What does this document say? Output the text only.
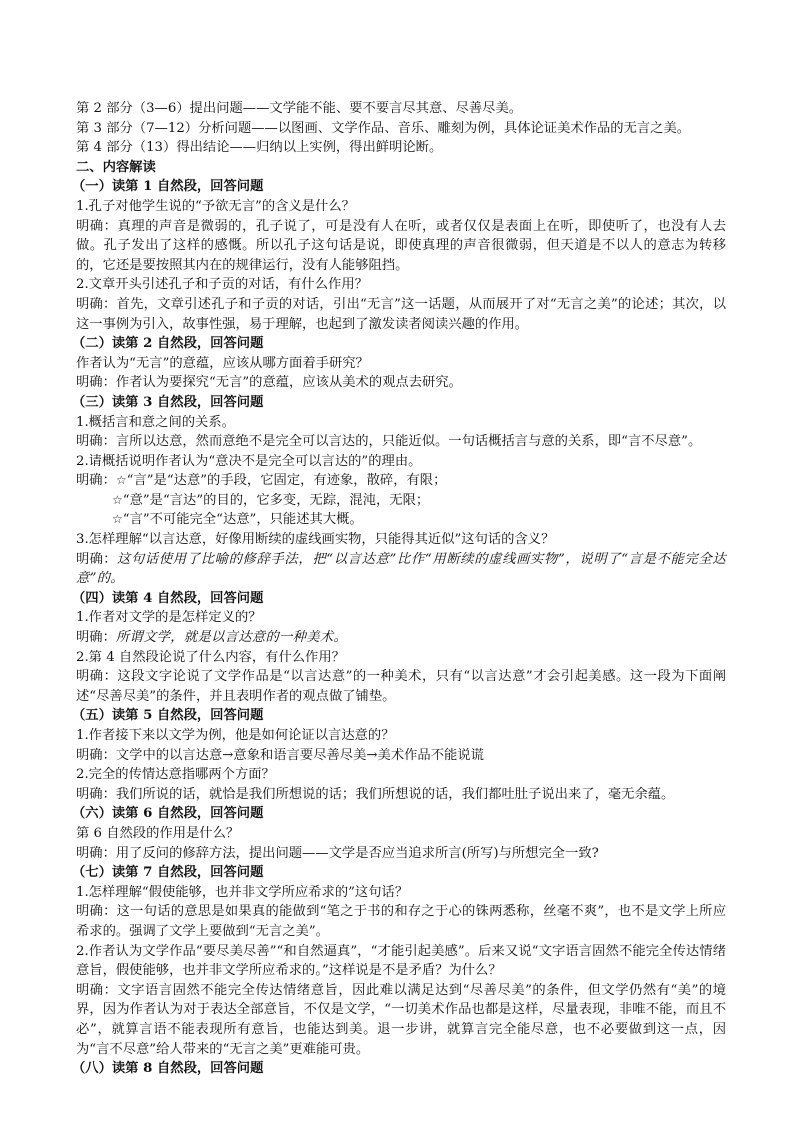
第 2 部分（3—6）提出问题——文学能不能、要不要言尽其意、尽善尽美。

第 3 部分（7—12）分析问题——以图画、文学作品、音乐、雕刻为例，具体论证美术作品的无言之美。

第 4 部分（13）得出结论——归纳以上实例，得出鲜明论断。

二、内容解读

（一）读第 1 自然段，回答问题

1.孔子对他学生说的“予欲无言”的含义是什么？

明确：真理的声音是微弱的，孔子说了，可是没有人在听，或者仅仅是表面上在听，即使听了，也没有人去做。孔子发出了这样的感慨。所以孔子这句话是说，即使真理的声音很微弱，但天道是不以人的意志为转移的，它还是要按照其内在的规律运行，没有人能够阻挡。

2.文章开头引述孔子和子贡的对话，有什么作用？

明确：首先，文章引述孔子和子贡的对话，引出“无言”这一话题，从而展开了对“无言之美”的论述；其次，以这一事例为引入，故事性强，易于理解，也起到了激发读者阅读兴趣的作用。

（二）读第 2 自然段，回答问题

作者认为“无言”的意蕴，应该从哪方面着手研究？

明确：作者认为要探究“无言”的意蕴，应该从美术的观点去研究。

（三）读第 3 自然段，回答问题

1.概括言和意之间的关系。

明确：言所以达意，然而意绝不是完全可以言达的，只能近似。一句话概括言与意的关系，即“言不尽意”。

2.请概括说明作者认为“意决不是完全可以言达的”的理由。

明确：☆“言”是“达意”的手段，它固定，有迹象，散碎，有限；

☆“意”是“言达”的目的，它多变，无踪，混沌，无限；

☆“言”不可能完全“达意”，只能述其大概。

3.怎样理解“以言达意，好像用断续的虚线画实物，只能得其近似”这句话的含义？

明确：这句话使用了比喻的修辞手法，把“以言达意”比作“用断续的虚线画实物”，说明了“言是不能完全达意”的。

（四）读第 4 自然段，回答问题

1.作者对文学的是怎样定义的？

明确：所谓文学，就是以言达意的一种美术。

2.第 4 自然段论说了什么内容，有什么作用？

明确：这段文字论说了文学作品是“以言达意”的一种美术，只有“以言达意”才会引起美感。这一段为下面阐述“尽善尽美”的条件，并且表明作者的观点做了铺垫。

（五）读第 5 自然段，回答问题

1.作者接下来以文学为例，他是如何论证以言达意的？

明确：文学中的以言达意→意象和语言要尽善尽美→美术作品不能说谎

2.完全的传情达意指哪两个方面？

明确：我们所说的话，就恰是我们所想说的话；我们所想说的话，我们都吐肚子说出来了，毫无余蕴。

（六）读第 6 自然段，回答问题

第 6 自然段的作用是什么？

明确：用了反问的修辞方法，提出问题——文学是否应当追求所言(所写)与所想完全一致?

（七）读第 7 自然段，回答问题

1.怎样理解“假使能够，也并非文学所应希求的”这句话？

明确：这一句话的意思是如果真的能做到“笔之于书的和存之于心的铢两悉称，丝毫不爽”，也不是文学上所应希求的。强调了文学上要做到“无言之美”。

2.作者认为文学作品“要尽美尽善”“和自然逼真”，“才能引起美感”。后来又说“文字语言固然不能完全传达情绪意旨，假使能够，也并非文学所应希求的。”这样说是不是矛盾？为什么？

明确：文字语言固然不能完全传达情绪意旨，因此难以满足达到“尽善尽美”的条件，但文学仍然有“美”的境界，因为作者认为对于表达全部意旨，不仅是文学，“一切美术作品也都是这样，尽量表现，非唯不能，而且不必”，就算言语不能表现所有意旨，也能达到美。退一步讲，就算言完全能尽意，也不必要做到这一点，因为“言不尽意”给人带来的“无言之美”更难能可贵。

（八）读第 8 自然段，回答问题
